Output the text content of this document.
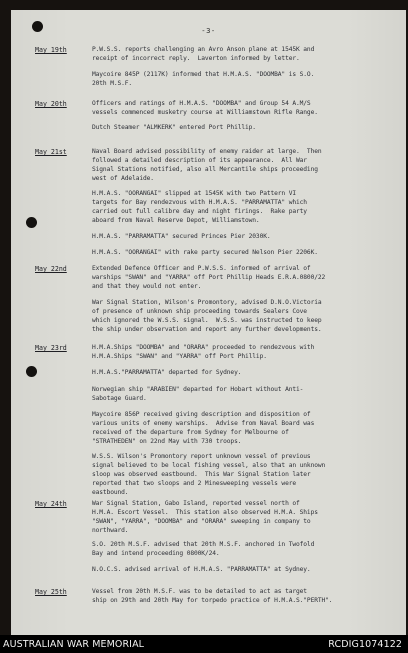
-3-
May 19th	P.W.S.S. reports challenging an Avro Anson plane at 1545K and
receipt of incorrect reply.  Laverton informed by letter.
Maycoire 845P (2117K) informed that H.M.A.S. "DOOMBA" is S.O.
20th M.S.F.
May 20th	Officers and ratings of H.M.A.S. "DOOMBA" and Group 54 A.M/S
vessels commenced musketry course at Williamstown Rifle Range.
Dutch Steamer "ALMKERK" entered Port Phillip.
May 21st	Naval Board advised possibility of enemy raider at large.  Then
followed a detailed description of its appearance.  All War
Signal Stations notified, also all Mercantile ships proceeding
west of Adelaide.
H.M.A.S. "OORANGAI" slipped at 1545K with two Pattern VI
targets for Bay rendezvous with H.M.A.S. "PARRAMATTA" which
carried out full calibre day and night firings.  Rake party
aboard from Naval Reserve Depot, Williamstown.
H.M.A.S. "PARRAMATTA" secured Princes Pier 2030K.
H.M.A.S. "OORANGAI" with rake party secured Nelson Pier 2206K.
May 22nd	Extended Defence Officer and P.W.S.S. informed of arrival of
warships "SWAN" and "YARRA" off Port Phillip Heads E.R.A.0800/22
and that they would not enter.
War Signal Station, Wilson's Promontory, advised D.N.O.Victoria
of presence of unknown ship proceeding towards Sealers Cove
which ignored the W.S.S. signal.  W.S.S. was instructed to keep
the ship under observation and report any further developments.
May 23rd	H.M.A.Ships "DOOMBA" and "ORARA" proceeded to rendezvous with
H.M.A.Ships "SWAN" and "YARRA" off Port Phillip.
H.M.A.S."PARRAMATTA" departed for Sydney.
Norwegian ship "ARABIEN" departed for Hobart without Anti-
Sabotage Guard.
Maycoire 856P received giving description and disposition of
various units of enemy warships.  Advise from Naval Board was
received of the departure from Sydney for Melbourne of
"STRATHEDEN" on 22nd May with 730 troops.
W.S.S. Wilson's Promontory report unknown vessel of previous
signal believed to be local fishing vessel, also that an unknown
sloop was observed eastbound.  This War Signal Station later
reported that two sloops and 2 Minesweeping vessels were
eastbound.
May 24th	War Signal Station, Gabo Island, reported vessel north of
H.M.A. Escort Vessel.  This station also observed H.M.A. Ships
"SWAN", "YARRA", "DOOMBA" and "ORARA" sweeping in company to
northward.
S.O. 20th M.S.F. advised that 20th M.S.F. anchored in Twofold
Bay and intend proceeding 0800K/24.
N.O.C.S. advised arrival of H.M.A.S. "PARRAMATTA" at Sydney.
May 25th	Vessel from 20th M.S.F. was to be detailed to act as target
ship on 29th and 20th May for torpedo practice of H.M.A.S."PERTH".
AUSTRALIAN WAR MEMORIAL	RCDIG1074122
